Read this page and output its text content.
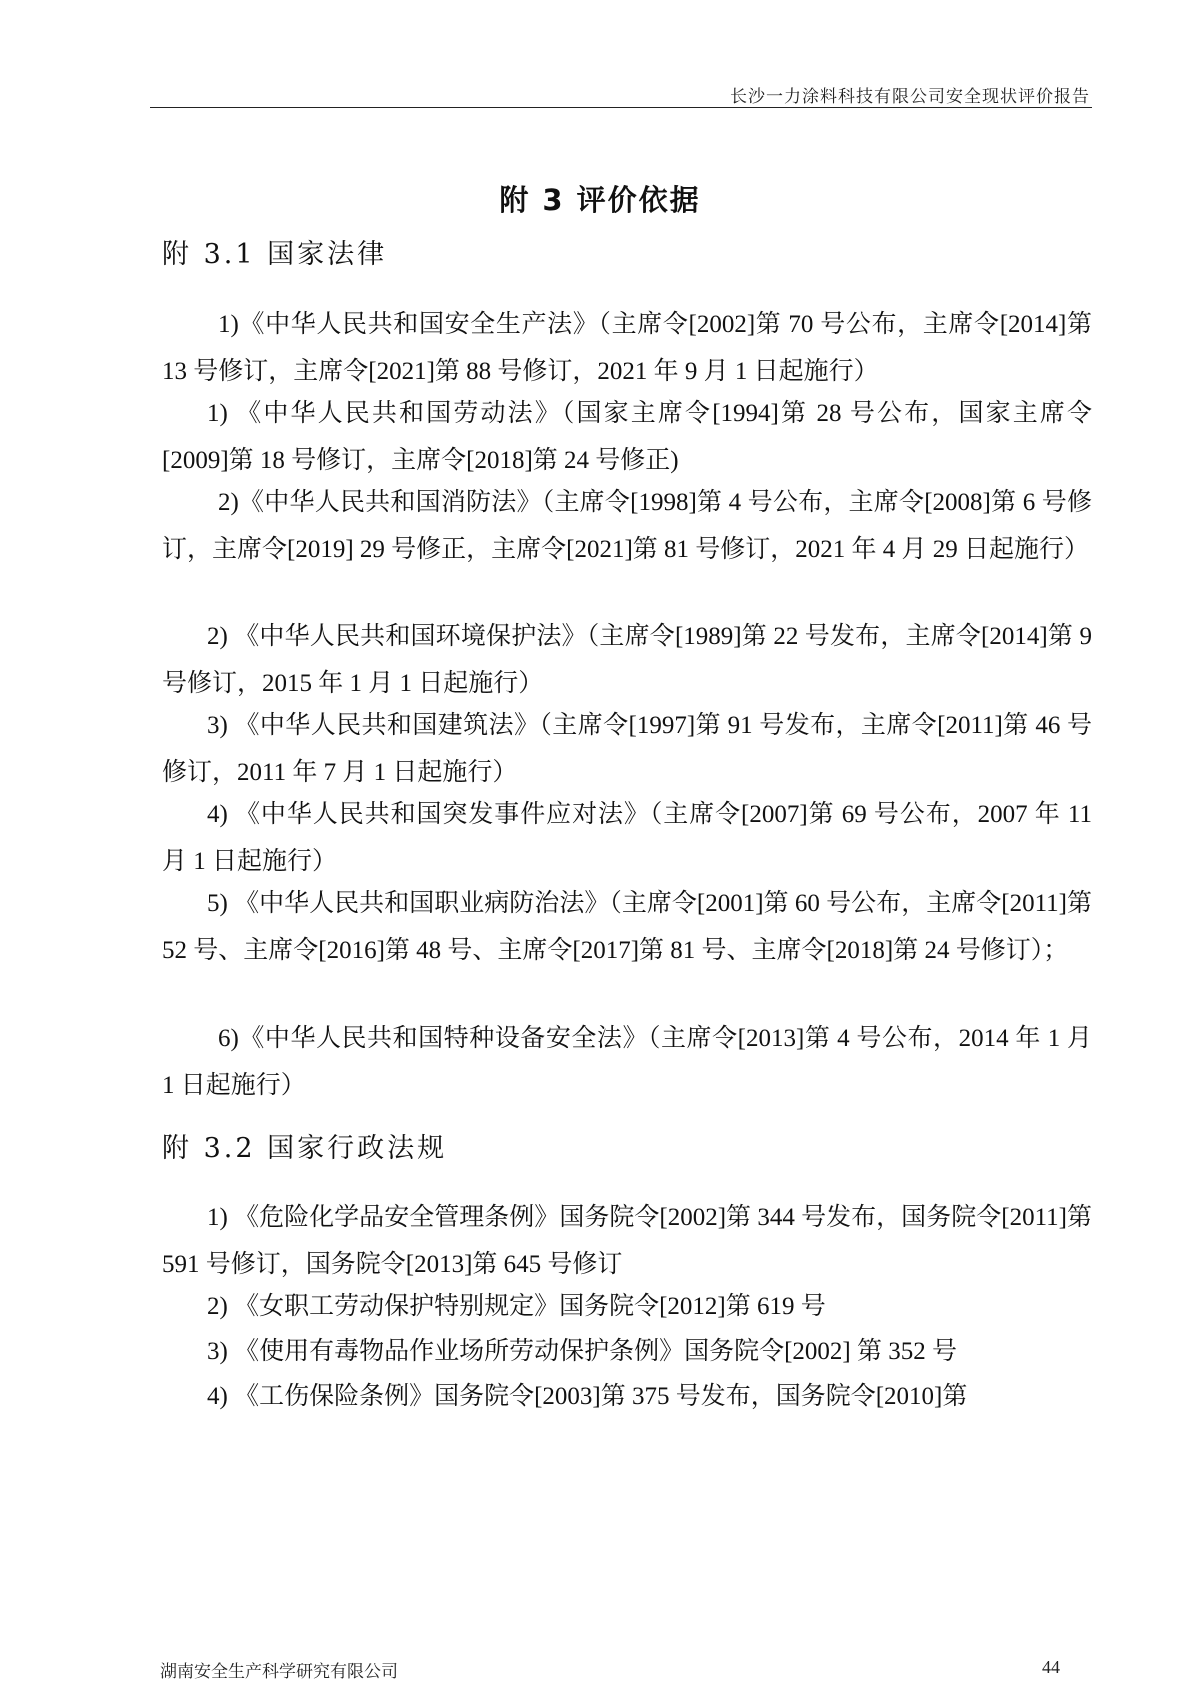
长沙一力涂料科技有限公司安全现状评价报告
附 3 评价依据
附 3.1 国家法律
1)《中华人民共和国安全生产法》（主席令[2002]第 70 号公布，主席令[2014]第 13 号修订，主席令[2021]第 88 号修订，2021 年 9 月 1 日起施行）
1) 《中华人民共和国劳动法》（国家主席令[1994]第 28 号公布，国家主席令[2009]第 18 号修订，主席令[2018]第 24 号修正)
2)《中华人民共和国消防法》（主席令[1998]第 4 号公布，主席令[2008]第 6 号修订，主席令[2019] 29 号修正，主席令[2021]第 81 号修订，2021 年 4 月 29 日起施行）
2) 《中华人民共和国环境保护法》（主席令[1989]第 22 号发布，主席令[2014]第 9 号修订，2015 年 1 月 1 日起施行）
3) 《中华人民共和国建筑法》（主席令[1997]第 91 号发布，主席令[2011]第 46 号修订，2011 年 7 月 1 日起施行）
4) 《中华人民共和国突发事件应对法》（主席令[2007]第 69 号公布，2007 年 11 月 1 日起施行）
5) 《中华人民共和国职业病防治法》（主席令[2001]第 60 号公布，主席令[2011]第 52 号、主席令[2016]第 48 号、主席令[2017]第 81 号、主席令[2018]第 24 号修订）；
6)《中华人民共和国特种设备安全法》（主席令[2013]第 4 号公布，2014 年 1 月 1 日起施行）
附 3.2 国家行政法规
1) 《危险化学品安全管理条例》国务院令[2002]第 344 号发布，国务院令[2011]第 591 号修订，国务院令[2013]第 645 号修订
2) 《女职工劳动保护特别规定》国务院令[2012]第 619 号
3) 《使用有毒物品作业场所劳动保护条例》国务院令[2002] 第 352 号
4) 《工伤保险条例》国务院令[2003]第 375 号发布，国务院令[2010]第
湖南安全生产科学研究有限公司	44
